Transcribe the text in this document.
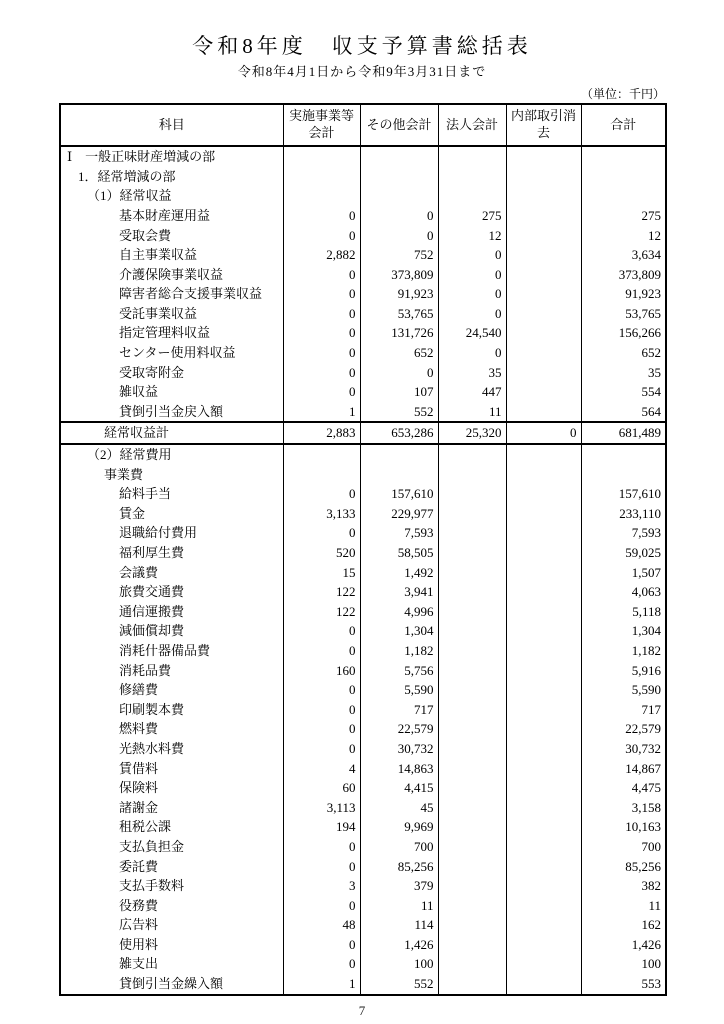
令和8年度　収支予算書総括表
令和8年4月1日から令和9年3月31日まで
（単位：千円）
科目	実施事業等会計	その他会計	法人会計	内部取引消去	合計
Ⅰ　一般正味財産増減の部					
1．経常増減の部					
（1）経常収益					
基本財産運用益	0	0	275		275
受取会費	0	0	12		12
自主事業収益	2,882	752	0		3,634
介護保険事業収益	0	373,809	0		373,809
障害者総合支援事業収益	0	91,923	0		91,923
受託事業収益	0	53,765	0		53,765
指定管理料収益	0	131,726	24,540		156,266
センター使用料収益	0	652	0		652
受取寄附金	0	0	35		35
雑収益	0	107	447		554
貸倒引当金戻入額	1	552	11		564
経常収益計	2,883	653,286	25,320	0	681,489
（2）経常費用					
事業費					
給料手当	0	157,610			157,610
賃金	3,133	229,977			233,110
退職給付費用	0	7,593			7,593
福利厚生費	520	58,505			59,025
会議費	15	1,492			1,507
旅費交通費	122	3,941			4,063
通信運搬費	122	4,996			5,118
減価償却費	0	1,304			1,304
消耗什器備品費	0	1,182			1,182
消耗品費	160	5,756			5,916
修繕費	0	5,590			5,590
印刷製本費	0	717			717
燃料費	0	22,579			22,579
光熱水料費	0	30,732			30,732
賃借料	4	14,863			14,867
保険料	60	4,415			4,475
諸謝金	3,113	45			3,158
租税公課	194	9,969			10,163
支払負担金	0	700			700
委託費	0	85,256			85,256
支払手数料	3	379			382
役務費	0	11			11
広告料	48	114			162
使用料	0	1,426			1,426
雑支出	0	100			100
貸倒引当金繰入額	1	552			553
7
